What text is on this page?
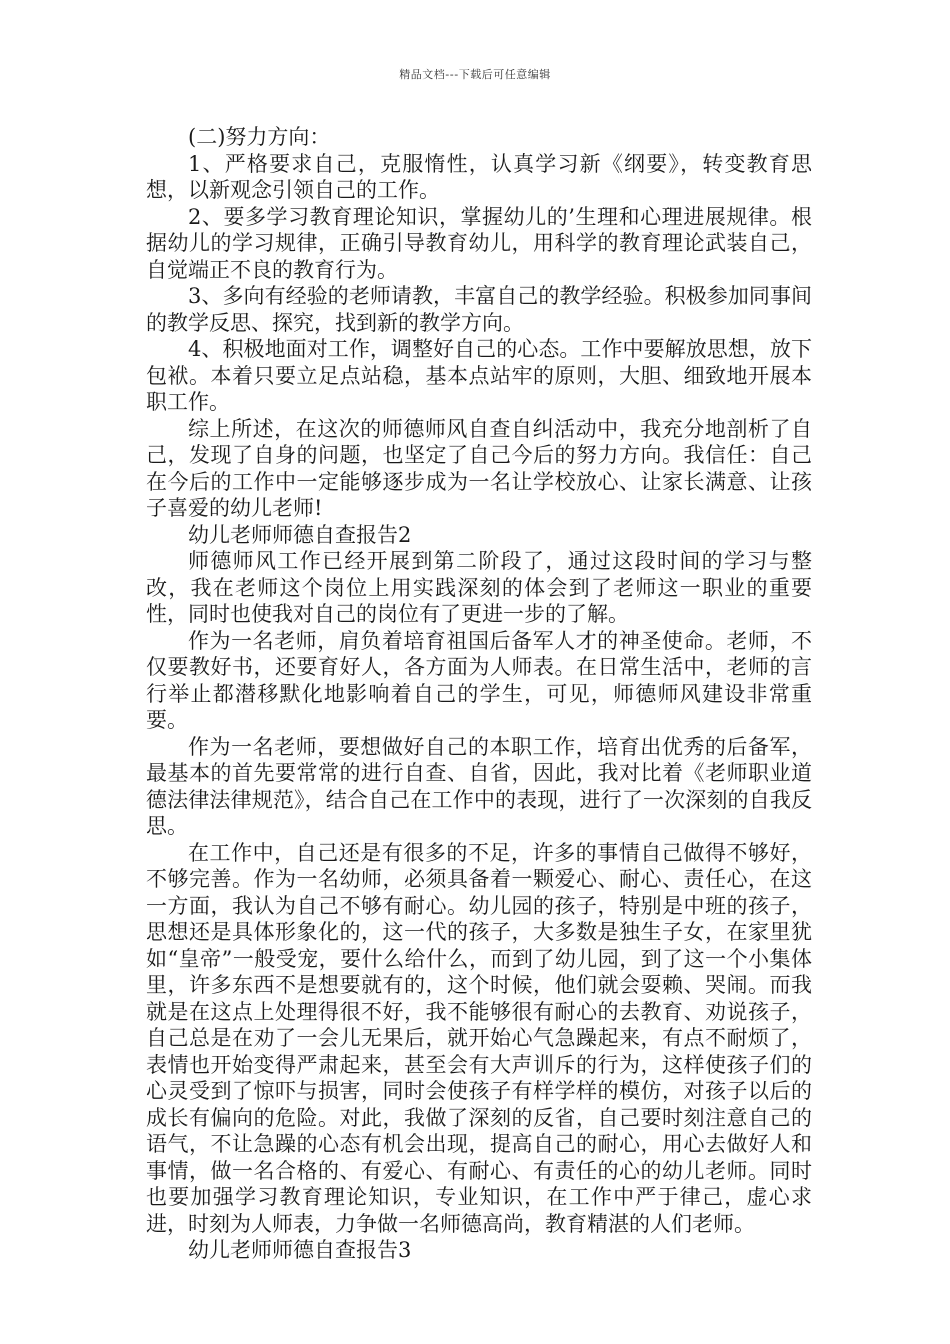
精品文档---下载后可任意编辑

(二)努力方向：

1、严格要求自己，克服惰性，认真学习新《纲要》，转变教育思想，以新观念引领自己的工作。

2、要多学习教育理论知识，掌握幼儿的’生理和心理进展规律。根据幼儿的学习规律，正确引导教育幼儿，用科学的教育理论武装自己，自觉端正不良的教育行为。

3、多向有经验的老师请教，丰富自己的教学经验。积极参加同事间的教学反思、探究，找到新的教学方向。

4、积极地面对工作，调整好自己的心态。工作中要解放思想，放下包袱。本着只要立足点站稳，基本点站牢的原则，大胆、细致地开展本职工作。

综上所述，在这次的师德师风自查自纠活动中，我充分地剖析了自己，发现了自身的问题，也坚定了自己今后的努力方向。我信任：自己在今后的工作中一定能够逐步成为一名让学校放心、让家长满意、让孩子喜爱的幼儿老师!

幼儿老师师德自查报告2

师德师风工作已经开展到第二阶段了，通过这段时间的学习与整改，我在老师这个岗位上用实践深刻的体会到了老师这一职业的重要性，同时也使我对自己的岗位有了更进一步的了解。

作为一名老师，肩负着培育祖国后备军人才的神圣使命。老师，不仅要教好书，还要育好人，各方面为人师表。在日常生活中，老师的言行举止都潜移默化地影响着自己的学生，可见，师德师风建设非常重要。

作为一名老师，要想做好自己的本职工作，培育出优秀的后备军，最基本的首先要常常的进行自查、自省，因此，我对比着《老师职业道德法律法律规范》，结合自己在工作中的表现，进行了一次深刻的自我反思。

在工作中，自己还是有很多的不足，许多的事情自己做得不够好，不够完善。作为一名幼师，必须具备着一颗爱心、耐心、责任心，在这一方面，我认为自己不够有耐心。幼儿园的孩子，特别是中班的孩子，思想还是具体形象化的，这一代的孩子，大多数是独生子女，在家里犹如“皇帝”一般受宠，要什么给什么，而到了幼儿园，到了这一个小集体里，许多东西不是想要就有的，这个时候，他们就会耍赖、哭闹。而我就是在这点上处理得很不好，我不能够很有耐心的去教育、劝说孩子，自己总是在劝了一会儿无果后，就开始心气急躁起来，有点不耐烦了，表情也开始变得严肃起来，甚至会有大声训斥的行为，这样使孩子们的心灵受到了惊吓与损害，同时会使孩子有样学样的模仿，对孩子以后的成长有偏向的危险。对此，我做了深刻的反省，自己要时刻注意自己的语气，不让急躁的心态有机会出现，提高自己的耐心，用心去做好人和事情，做一名合格的、有爱心、有耐心、有责任的心的幼儿老师。同时也要加强学习教育理论知识，专业知识，在工作中严于律己，虚心求进，时刻为人师表，力争做一名师德高尚，教育精湛的人们老师。

幼儿老师师德自查报告3
